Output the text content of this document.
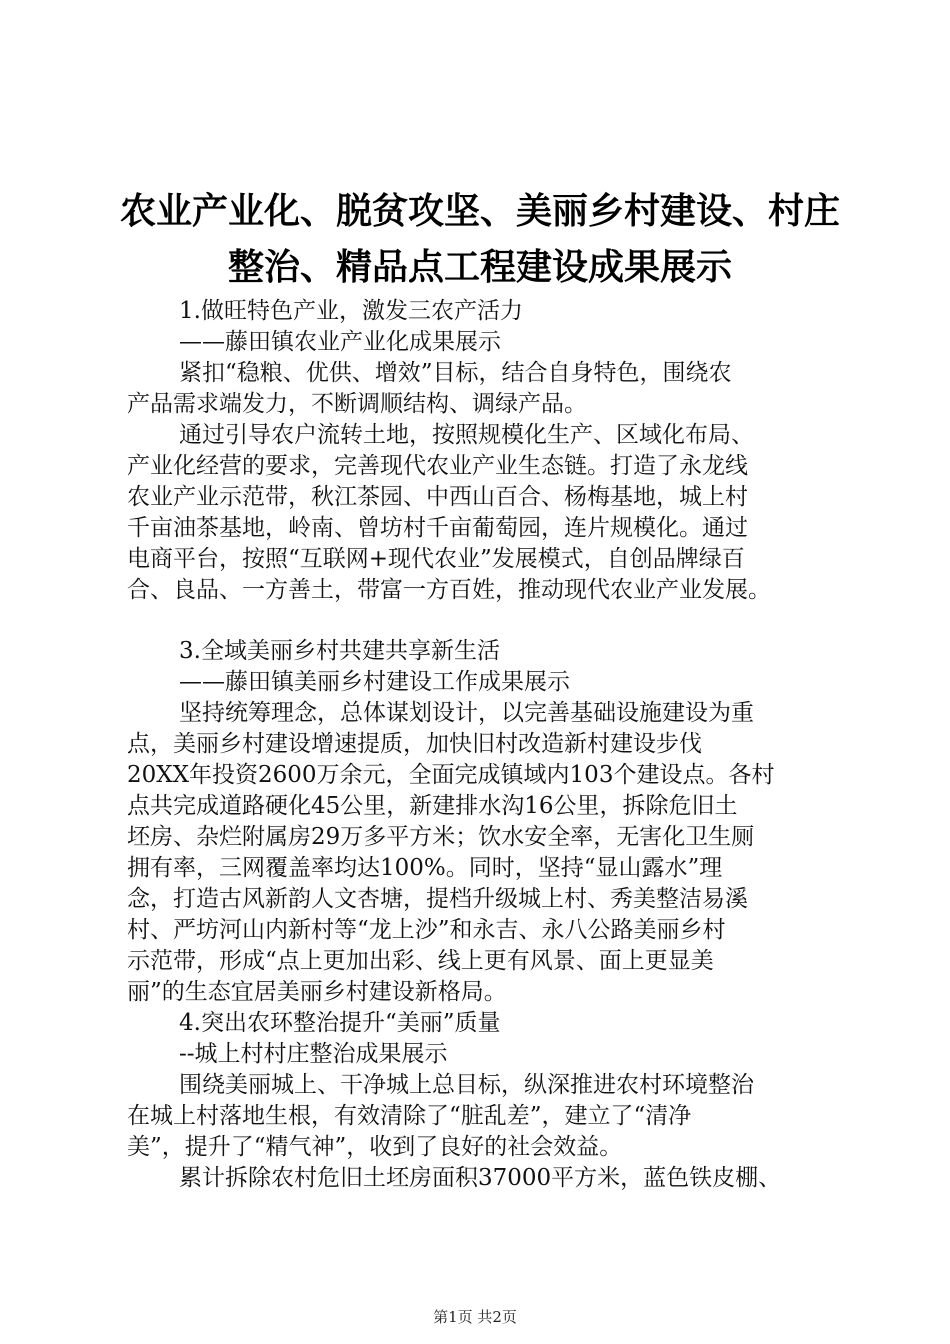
农业产业化、脱贫攻坚、美丽乡村建设、村庄
整治、精品点工程建设成果展示
1.做旺特色产业，激发三农产活力
——藤田镇农业产业化成果展示
紧扣“稳粮、优供、增效”目标，结合自身特色，围绕农
产品需求端发力，不断调顺结构、调绿产品。
通过引导农户流转土地，按照规模化生产、区域化布局、
产业化经营的要求，完善现代农业产业生态链。打造了永龙线
农业产业示范带，秋江茶园、中西山百合、杨梅基地，城上村
千亩油茶基地，岭南、曾坊村千亩葡萄园，连片规模化。通过
电商平台，按照“互联网+现代农业”发展模式，自创品牌绿百
合、良品、一方善土，带富一方百姓，推动现代农业产业发展。
3.全域美丽乡村共建共享新生活
——藤田镇美丽乡村建设工作成果展示
坚持统筹理念，总体谋划设计，以完善基础设施建设为重
点，美丽乡村建设增速提质，加快旧村改造新村建设步伐
20XX年投资2600万余元，全面完成镇域内103个建设点。各村
点共完成道路硬化45公里，新建排水沟16公里，拆除危旧土
坯房、杂烂附属房29万多平方米；饮水安全率，无害化卫生厕
拥有率，三网覆盖率均达100%。同时，坚持“显山露水”理
念，打造古风新韵人文杏塘，提档升级城上村、秀美整洁易溪
村、严坊河山内新村等“龙上沙”和永吉、永八公路美丽乡村
示范带，形成“点上更加出彩、线上更有风景、面上更显美
丽”的生态宜居美丽乡村建设新格局。
4.突出农环整治提升“美丽”质量
--城上村村庄整治成果展示
围绕美丽城上、干净城上总目标，纵深推进农村环境整治
在城上村落地生根，有效清除了“脏乱差”，建立了“清净
美”，提升了“精气神”，收到了良好的社会效益。
累计拆除农村危旧土坯房面积37000平方米，蓝色铁皮棚、
第1页 共2页
